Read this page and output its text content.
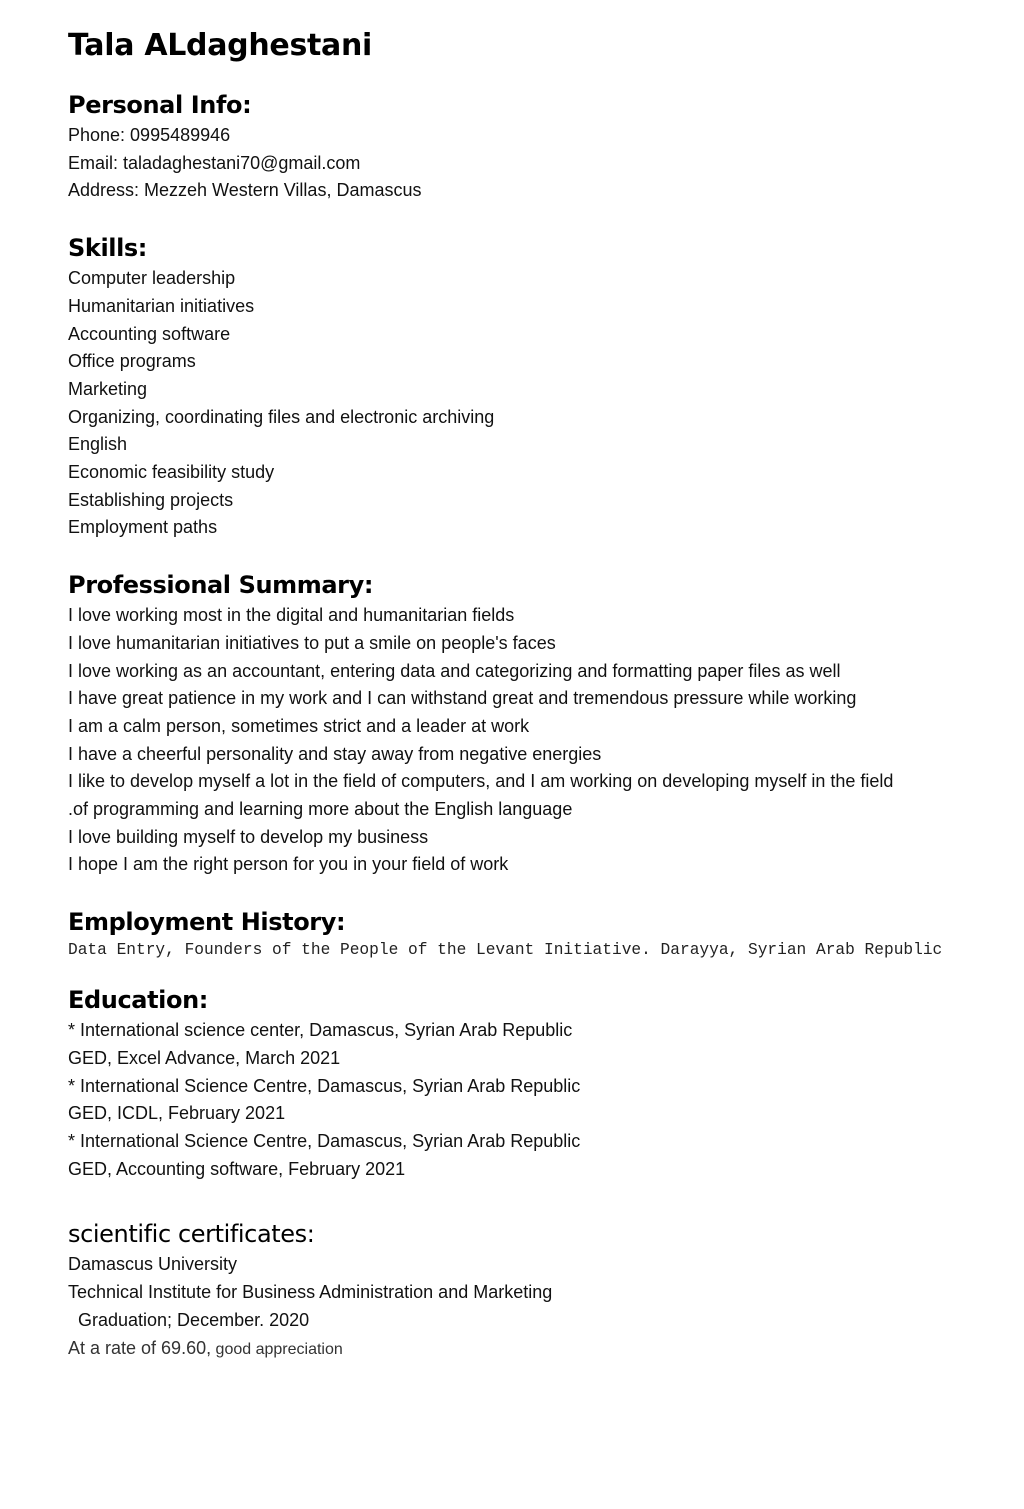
Tala ALdaghestani
Personal Info:

Phone: 0995489946

Email: taladaghestani70@gmail.com

Address: Mezzeh Western Villas, Damascus

Skills:

Computer leadership

Humanitarian initiatives

Accounting software

Office programs

Marketing

Organizing, coordinating files and electronic archiving

English

Economic feasibility study

Establishing projects

Employment paths

Professional Summary:

I love working most in the digital and humanitarian fields

I love humanitarian initiatives to put a smile on people's faces

I love working as an accountant, entering data and categorizing and formatting paper files as well

I have great patience in my work and I can withstand great and tremendous pressure while working

I am a calm person, sometimes strict and a leader at work

I have a cheerful personality and stay away from negative energies

I like to develop myself a lot in the field of computers, and I am working on developing myself in the field

.of programming and learning more about the English language

I love building myself to develop my business

I hope I am the right person for you in your field of work

Employment History:

Data Entry, Founders of the People of the Levant Initiative. Darayya, Syrian Arab Republic

Education:

* International science center, Damascus, Syrian Arab Republic

GED, Excel Advance, March 2021

* International Science Centre, Damascus, Syrian Arab Republic

GED, ICDL, February 2021

* International Science Centre, Damascus, Syrian Arab Republic

GED, Accounting software, February 2021

scientific certificates:

Damascus University

Technical Institute for Business Administration and Marketing

Graduation; December. 2020

At a rate of 69.60, good appreciation
